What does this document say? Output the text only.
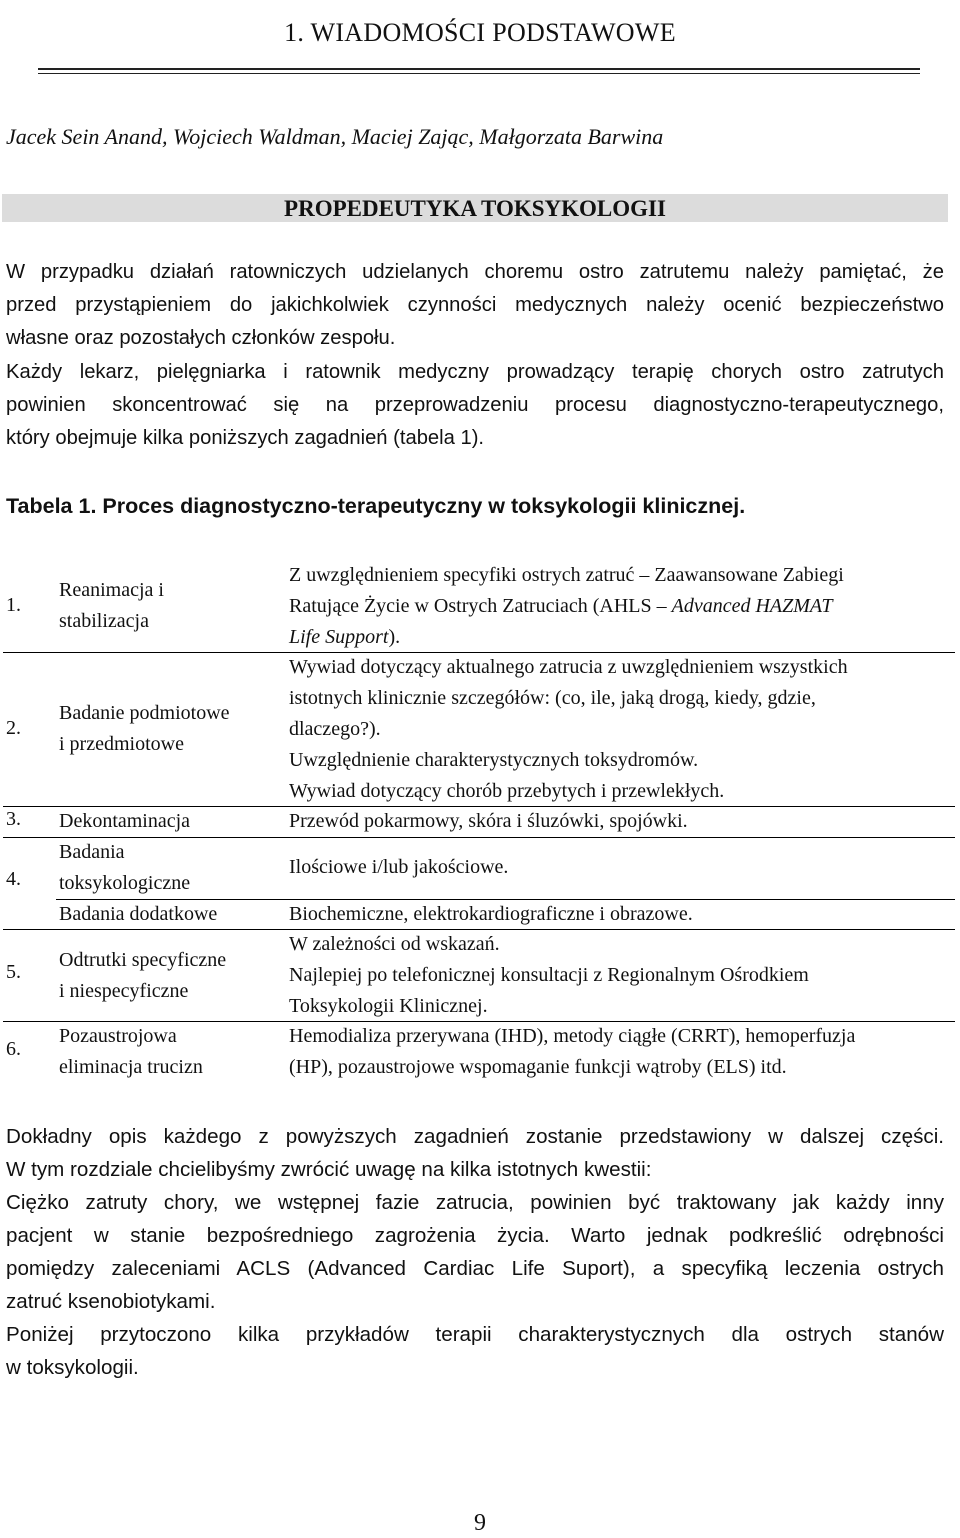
1. WIADOMOŚCI PODSTAWOWE
Jacek Sein Anand, Wojciech Waldman, Maciej Zając, Małgorzata Barwina
PROPEDEUTYKA TOKSYKOLOGII
W przypadku działań ratowniczych udzielanych choremu ostro zatrutemu należy pamiętać, że
przed przystąpieniem do jakichkolwiek czynności medycznych należy ocenić bezpieczeństwo
własne oraz pozostałych członków zespołu.
Każdy lekarz, pielęgniarka i ratownik medyczny prowadzący terapię chorych ostro zatrutych
powinien skoncentrować się na przeprowadzeniu procesu diagnostyczno-terapeutycznego,
który obejmuje kilka poniższych zagadnień (tabela 1).
Tabela 1. Proces diagnostyczno-terapeutyczny w toksykologii klinicznej.
1.
Reanimacja i
stabilizacja
Z uwzględnieniem specyfiki ostrych zatruć – Zaawansowane Zabiegi
Ratujące Życie w Ostrych Zatruciach (AHLS – Advanced HAZMAT
Life Support).
2.
Badanie podmiotowe
i przedmiotowe
Wywiad dotyczący aktualnego zatrucia z uwzględnieniem wszystkich
istotnych klinicznie szczegółów: (co, ile, jaką drogą, kiedy, gdzie,
dlaczego?).
Uwzględnienie charakterystycznych toksydromów.
Wywiad dotyczący chorób przebytych i przewlekłych.
3. Dekontaminacja	Przewód pokarmowy, skóra i śluzówki, spojówki.
4.
Badania
toksykologiczne
Ilościowe i/lub jakościowe.
Badania dodatkowe	Biochemiczne, elektrokardiograficzne i obrazowe.
5.
Odtrutki specyficzne
i niespecyficzne
W zależności od wskazań.
Najlepiej po telefonicznej konsultacji z Regionalnym Ośrodkiem
Toksykologii Klinicznej.
6.
Pozaustrojowa
eliminacja trucizn
Hemodializa przerywana (IHD), metody ciągłe (CRRT), hemoperfuzja
(HP), pozaustrojowe wspomaganie funkcji wątroby (ELS) itd.
Dokładny opis każdego z powyższych zagadnień zostanie przedstawiony w dalszej części.
W tym rozdziale chcielibyśmy zwrócić uwagę na kilka istotnych kwestii:
Ciężko zatruty chory, we wstępnej fazie zatrucia, powinien być traktowany jak każdy inny
pacjent w stanie bezpośredniego zagrożenia życia. Warto jednak podkreślić odrębności
pomiędzy zaleceniami ACLS (Advanced Cardiac Life Suport), a specyfiką leczenia ostrych
zatruć ksenobiotykami.
Poniżej przytoczono kilka przykładów terapii charakterystycznych dla ostrych stanów
w toksykologii.
9
